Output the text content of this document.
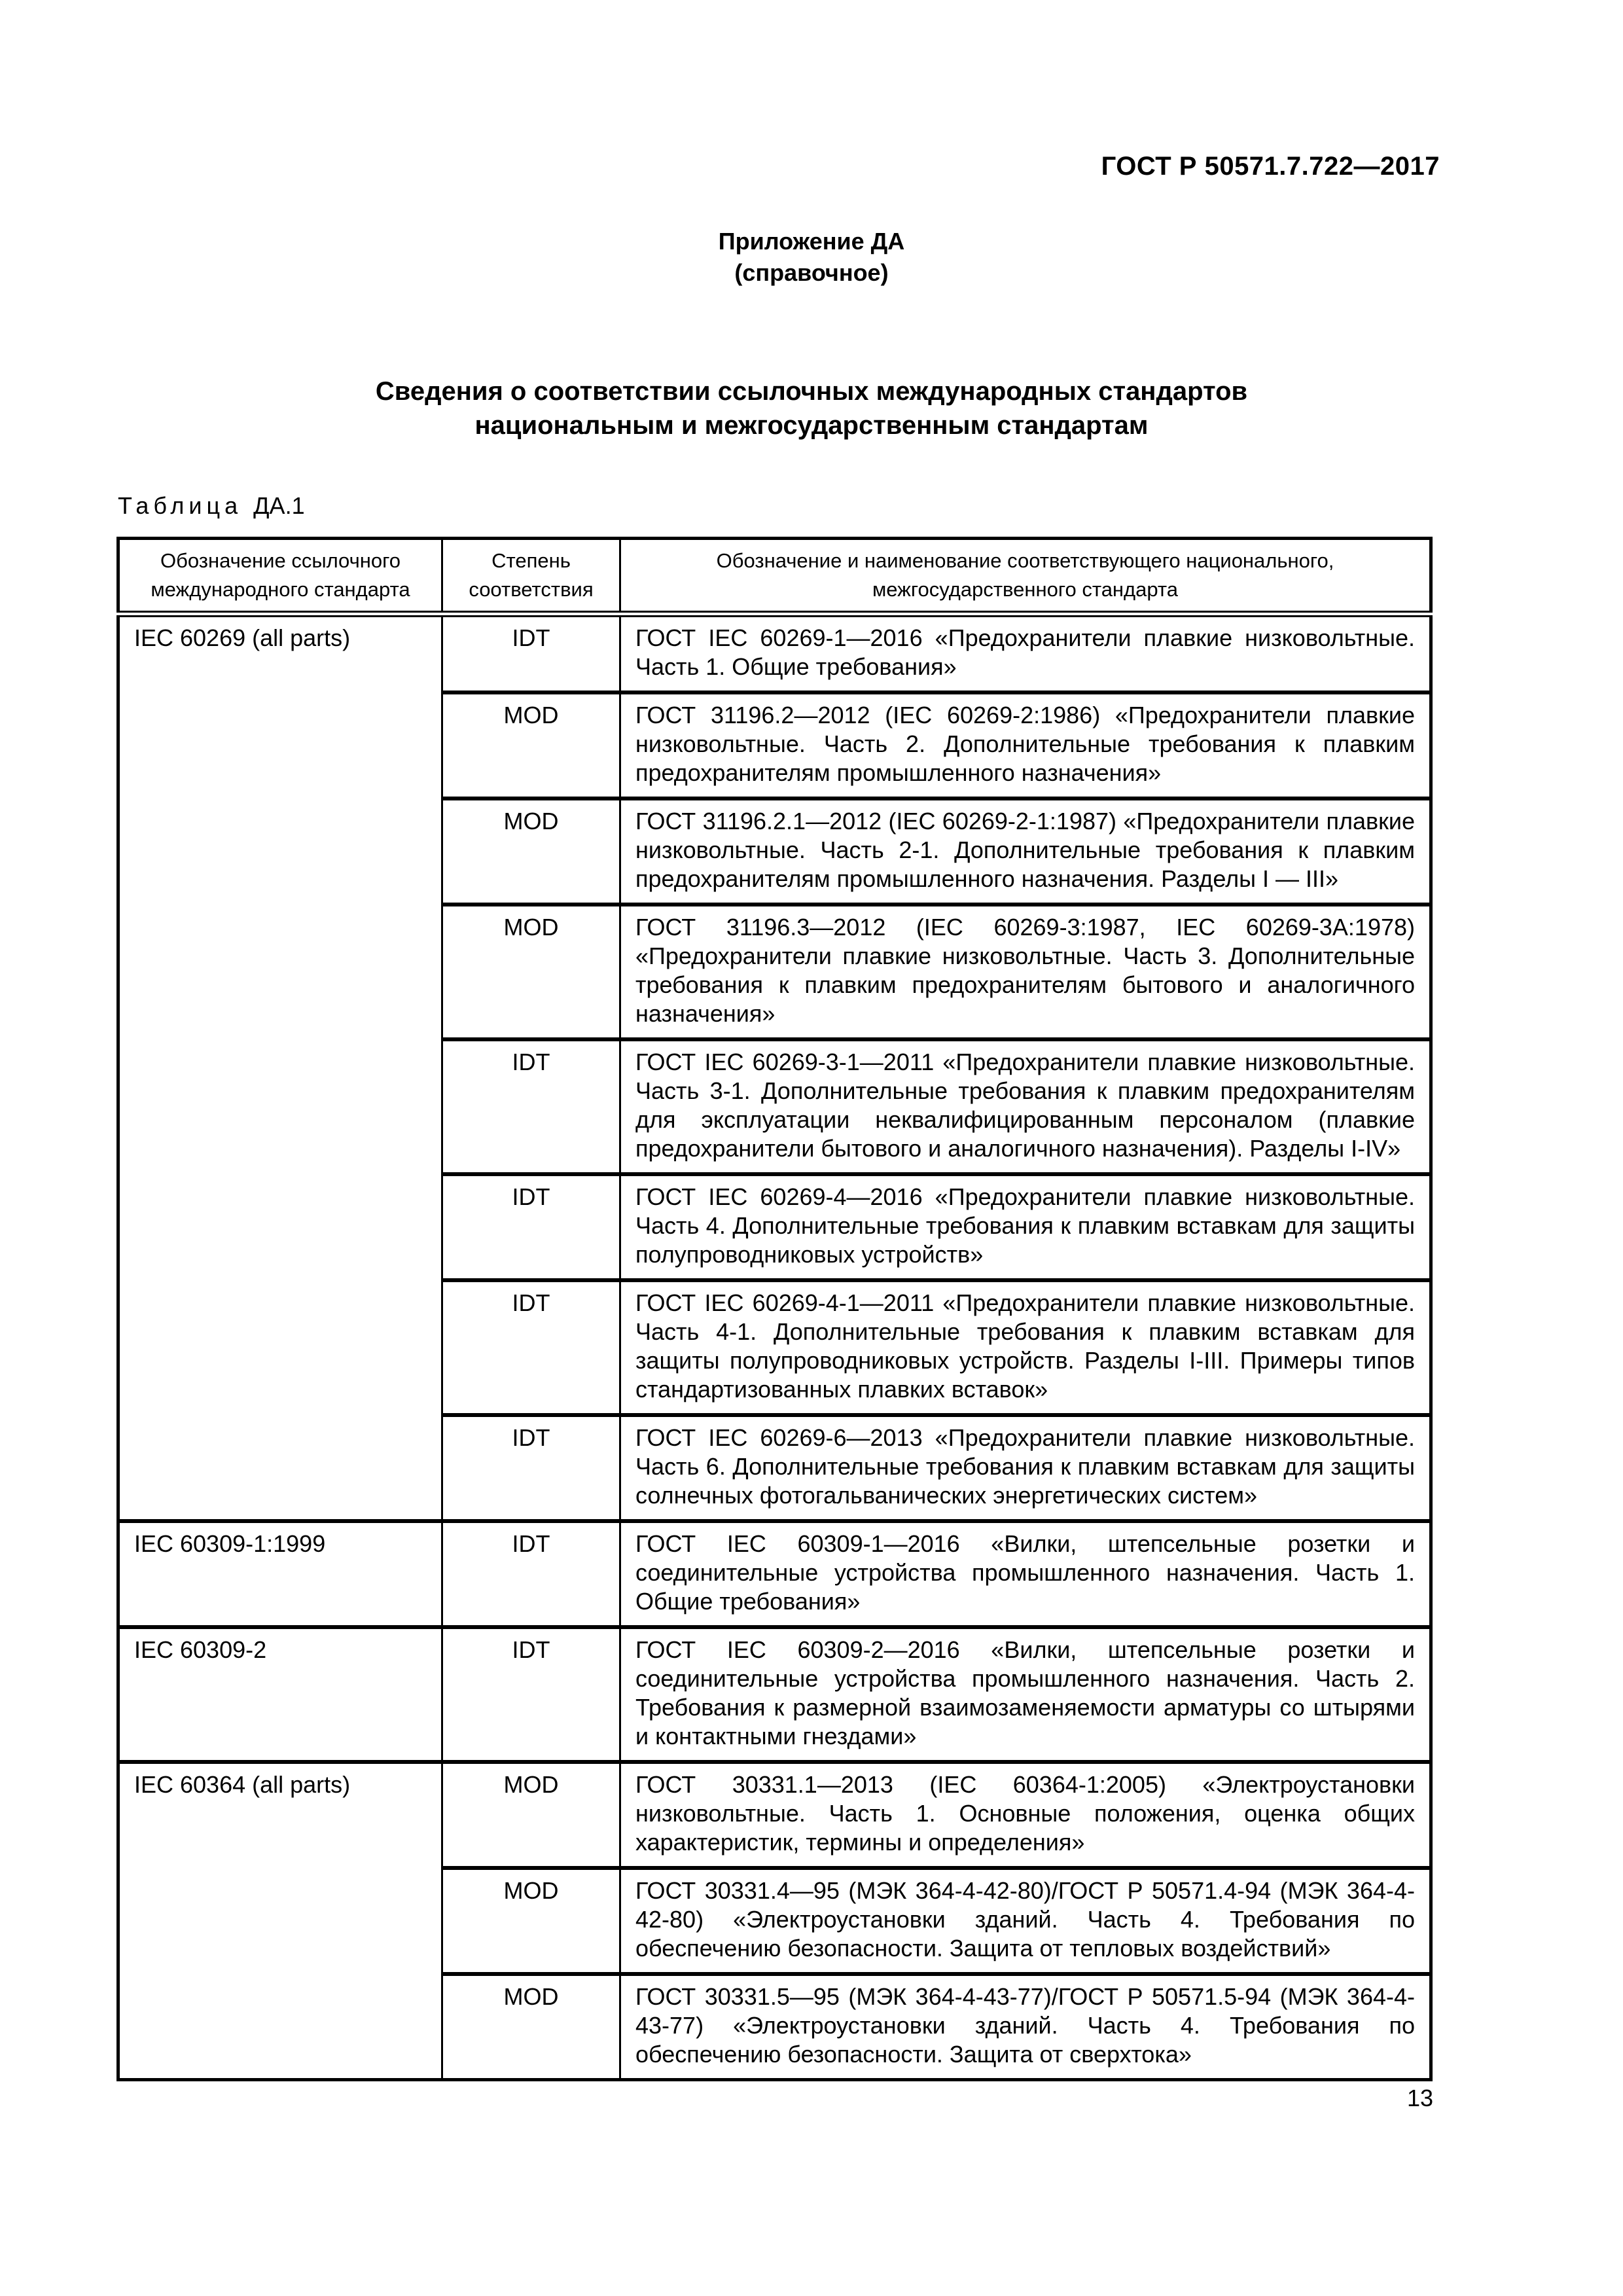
ГОСТ Р 50571.7.722—2017
Приложение ДА
(справочное)
Сведения о соответствии ссылочных международных стандартов
национальным и межгосударственным стандартам
Таблица ДА.1
Обозначение ссылочного международного стандарта	Степень соответствия	Обозначение и наименование соответствующего национального, межгосударственного стандарта
IEC 60269 (all parts)	IDT	ГОСТ IEC 60269-1—2016 «Предохранители плавкие низковольтные. Часть 1. Общие требования»
	MOD	ГОСТ 31196.2—2012 (IEC 60269-2:1986) «Предохранители плавкие низковольтные. Часть 2. Дополнительные требования к плавким предохранителям промышленного назначения»
	MOD	ГОСТ 31196.2.1—2012 (IEC 60269-2-1:1987) «Предохранители плавкие низковольтные. Часть 2-1. Дополнительные требования к плавким предохранителям промышленного назначения. Разделы I — III»
	MOD	ГОСТ 31196.3—2012 (IEC 60269-3:1987, IEC 60269-3A:1978) «Предохранители плавкие низковольтные. Часть 3. Дополнительные требования к плавким предохранителям бытового и аналогичного назначения»
	IDT	ГОСТ IEC 60269-3-1—2011 «Предохранители плавкие низковольтные. Часть 3-1. Дополнительные требования к плавким предохранителям для эксплуатации неквалифицированным персоналом (плавкие предохранители бытового и аналогичного назначения). Разделы I-IV»
	IDT	ГОСТ IEC 60269-4—2016 «Предохранители плавкие низковольтные. Часть 4. Дополнительные требования к плавким вставкам для защиты полупроводниковых устройств»
	IDT	ГОСТ IEC 60269-4-1—2011 «Предохранители плавкие низковольтные. Часть 4-1. Дополнительные требования к плавким вставкам для защиты полупроводниковых устройств. Разделы I-III. Примеры типов стандартизованных плавких вставок»
	IDT	ГОСТ IEC 60269-6—2013 «Предохранители плавкие низковольтные. Часть 6. Дополнительные требования к плавким вставкам для защиты солнечных фотогальванических энергетических систем»
IEC 60309-1:1999	IDT	ГОСТ IEC 60309-1—2016 «Вилки, штепсельные розетки и соединительные устройства промышленного назначения. Часть 1. Общие требования»
IEC 60309-2	IDT	ГОСТ IEC 60309-2—2016 «Вилки, штепсельные розетки и соединительные устройства промышленного назначения. Часть 2. Требования к размерной взаимозаменяемости арматуры со штырями и контактными гнездами»
IEC 60364 (all parts)	MOD	ГОСТ 30331.1—2013 (IEC 60364-1:2005) «Электроустановки низковольтные. Часть 1. Основные положения, оценка общих характеристик, термины и определения»
	MOD	ГОСТ 30331.4—95 (МЭК 364-4-42-80)/ГОСТ Р 50571.4-94 (МЭК 364-4-42-80) «Электроустановки зданий. Часть 4. Требования по обеспечению безопасности. Защита от тепловых воздействий»
	MOD	ГОСТ 30331.5—95 (МЭК 364-4-43-77)/ГОСТ Р 50571.5-94 (МЭК 364-4-43-77) «Электроустановки зданий. Часть 4. Требования по обеспечению безопасности. Защита от сверхтока»
13
